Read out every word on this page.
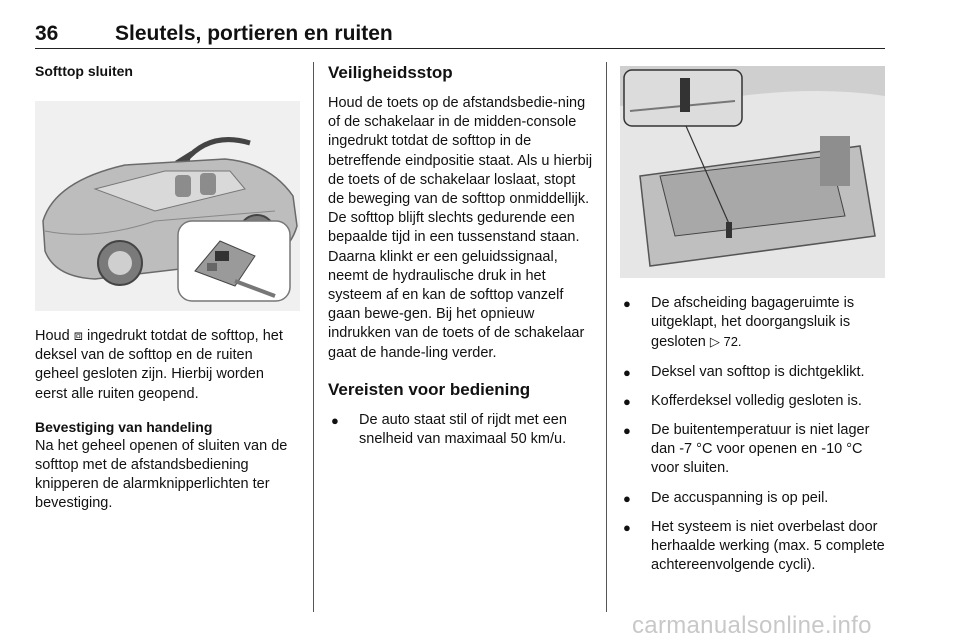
36	Sleutels, portieren en ruiten

Softtop sluiten

Houd ⧈ ingedrukt totdat de softtop, het deksel van de softtop en de ruiten geheel gesloten zijn. Hierbij worden eerst alle ruiten geopend.

Bevestiging van handeling

Na het geheel openen of sluiten van de softtop met de afstandsbediening knipperen de alarmknipperlichten ter bevestiging.

Veiligheidsstop

Houd de toets op de afstandsbedie-ning of de schakelaar in de midden-console ingedrukt totdat de softtop in de betreffende eindpositie staat. Als u hierbij de toets of de schakelaar loslaat, stopt de beweging van de softtop onmiddellijk. De softtop blijft slechts gedurende een bepaalde tijd in een tussenstand staan. Daarna klinkt er een geluidssignaal, neemt de hydraulische druk in het systeem af en kan de softtop vanzelf gaan bewe-gen. Bij het opnieuw indrukken van de toets of de schakelaar gaat de hande-ling verder.

Vereisten voor bediening

● De auto staat stil of rijdt met een snelheid van maximaal 50 km/u.
● De afscheiding bagageruimte is uitgeklapt, het doorgangsluik is gesloten ▷ 72.
● Deksel van softtop is dichtgeklikt.
● Kofferdeksel volledig gesloten is.
● De buitentemperatuur is niet lager dan -7 °C voor openen en -10 °C voor sluiten.
● De accuspanning is op peil.
● Het systeem is niet overbelast door herhaalde werking (max. 5 complete achtereenvolgende cycli).
carmanualsonline.info
